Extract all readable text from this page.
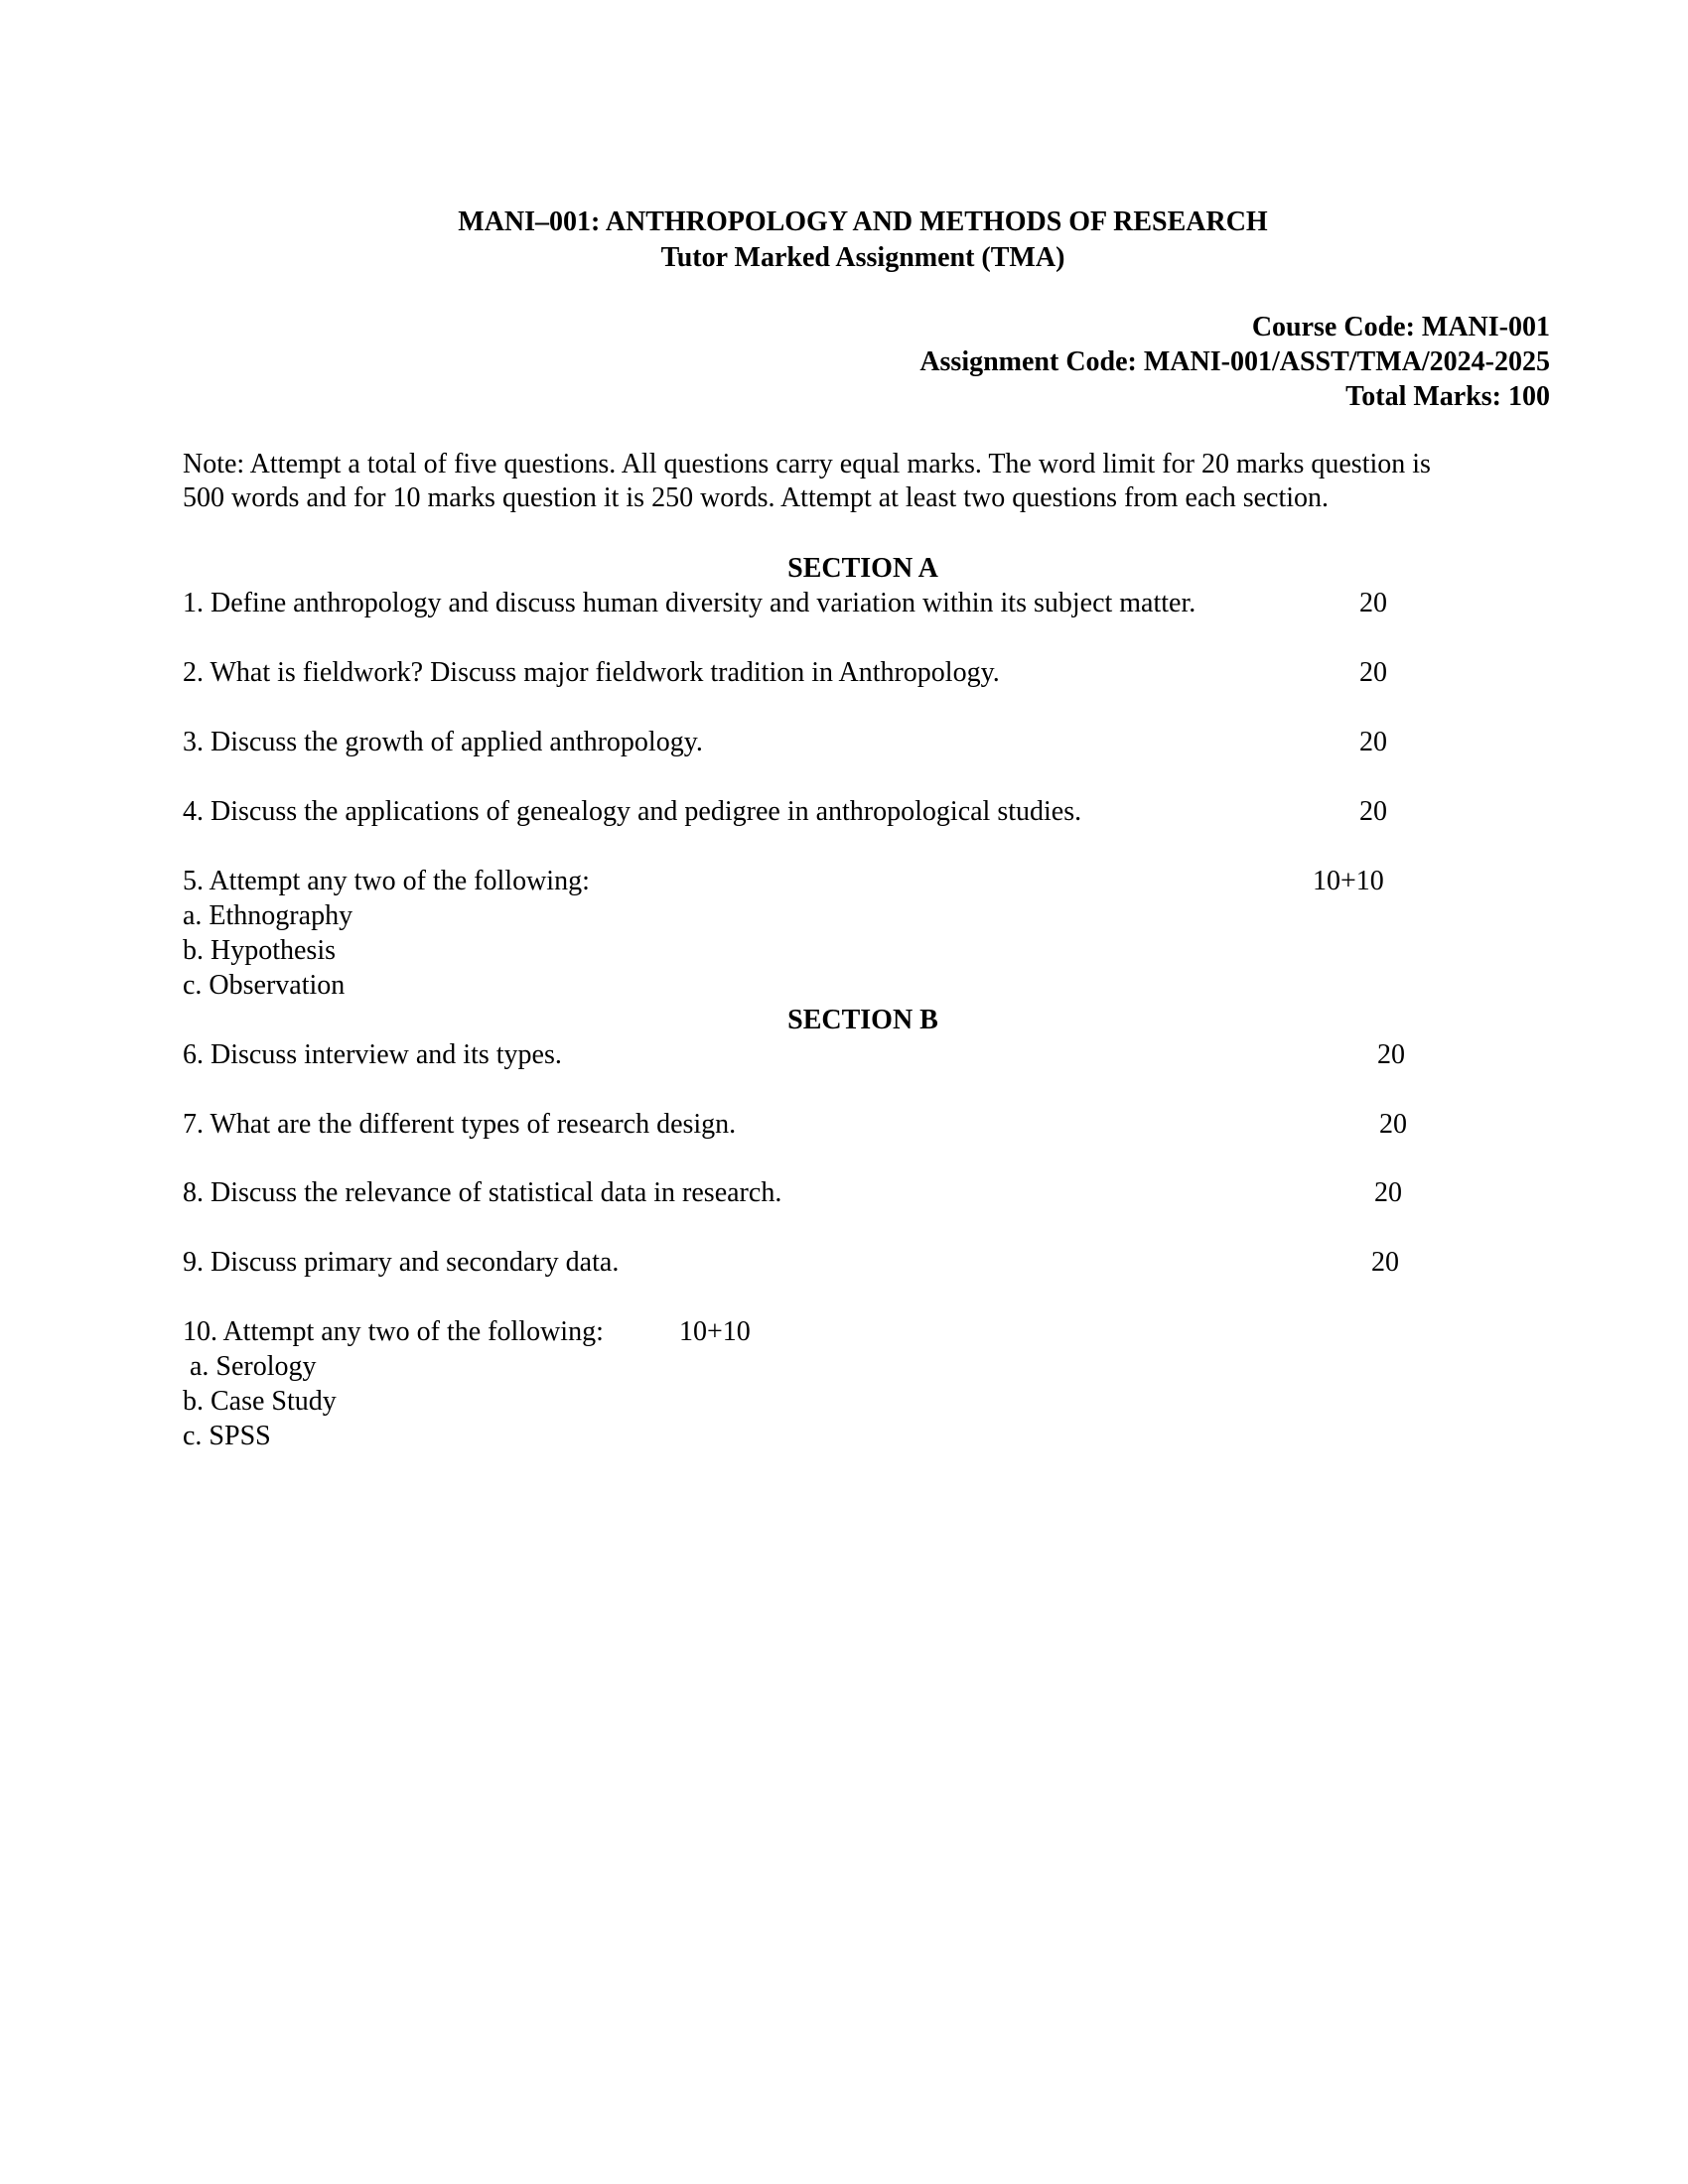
MANI–001: ANTHROPOLOGY AND METHODS OF RESEARCH
Tutor Marked Assignment (TMA)
Course Code: MANI-001
Assignment Code: MANI-001/ASST/TMA/2024-2025
Total Marks: 100
Note: Attempt a total of five questions. All questions carry equal marks. The word limit for 20 marks question is
500 words and for 10 marks question it is 250 words. Attempt at least two questions from each section.
SECTION A
1. Define anthropology and discuss human diversity and variation within its subject matter.	20
2. What is fieldwork? Discuss major fieldwork tradition in Anthropology.	20
3. Discuss the growth of applied anthropology.	20
4. Discuss the applications of genealogy and pedigree in anthropological studies.	20
5. Attempt any two of the following:	10+10
a. Ethnography
b. Hypothesis
c. Observation
SECTION B
6. Discuss interview and its types.	20
7. What are the different types of research design.	20
8. Discuss the relevance of statistical data in research.	20
9. Discuss primary and secondary data.	20
10. Attempt any two of the following:	10+10
a. Serology
b. Case Study
c. SPSS
